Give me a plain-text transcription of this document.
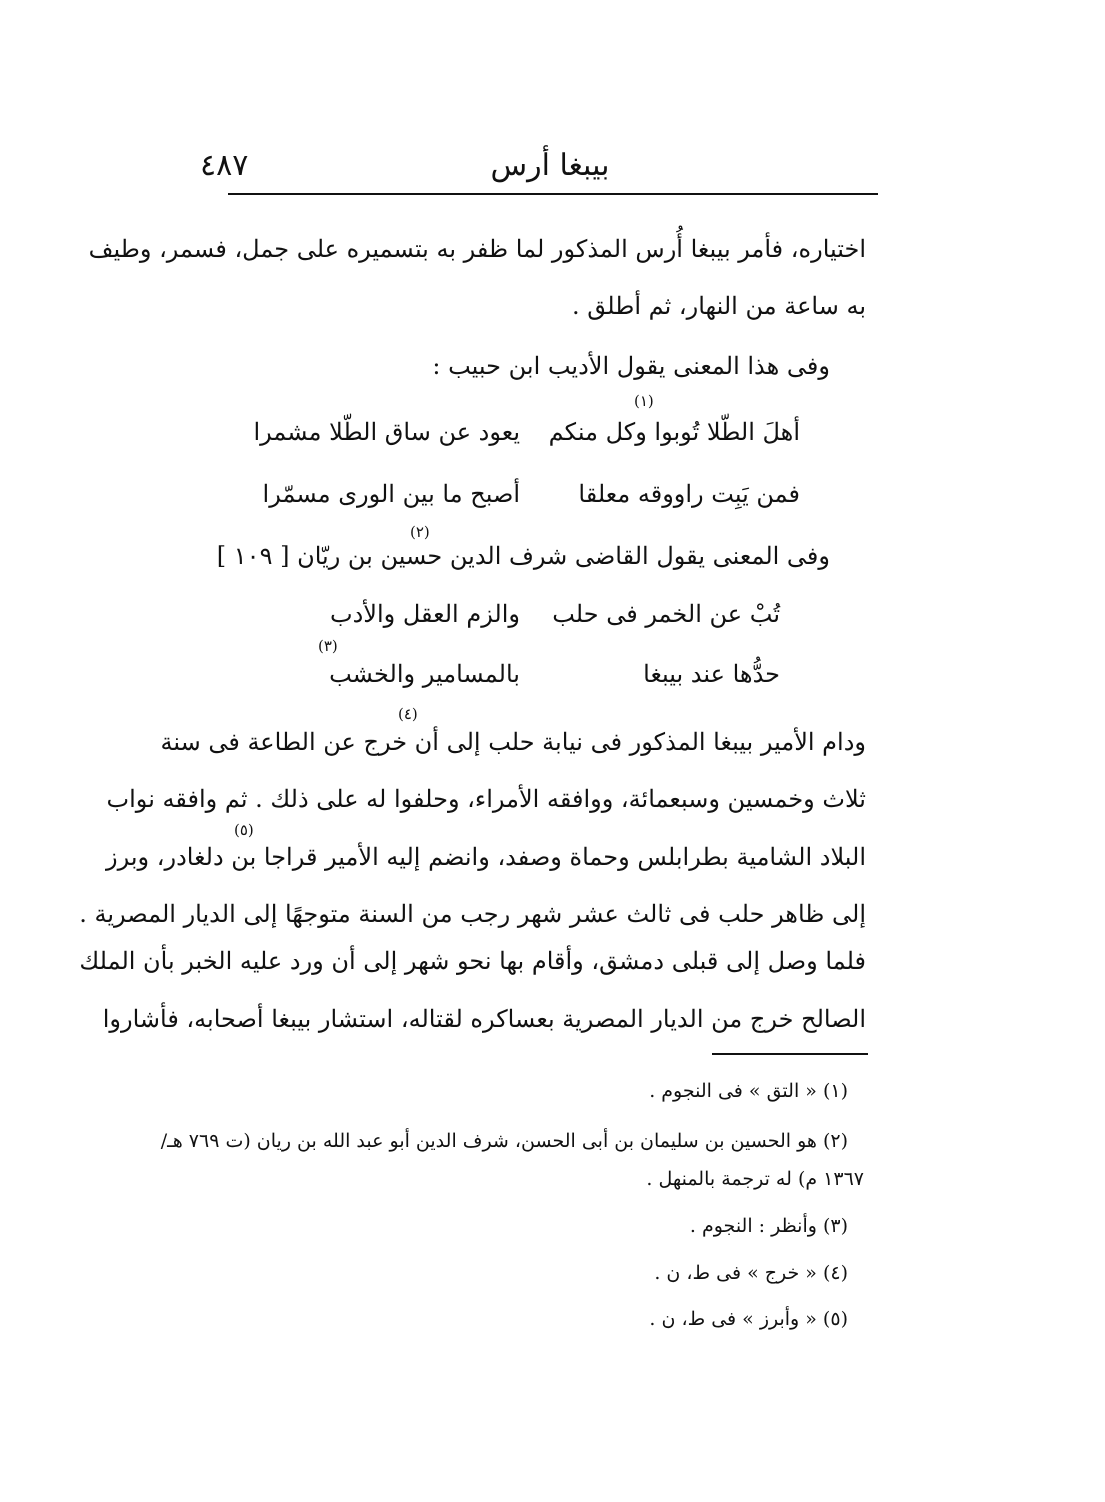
بيبغا أرس
٤٨٧
اختياره، فأمر بيبغا أُرس المذكور لما ظفر به بتسميره على جمل، فسمر، وطيف
به ساعة من النهار، ثم أطلق .
وفى هذا المعنى يقول الأديب ابن حبيب :
(١)
أهلَ الطّلا تُوبوا وكل منكم
يعود عن ساق الطّلا مشمرا
فمن يَبِت راووقه معلقا
أصبح ما بين الورى مسمّرا
(٢)
وفى المعنى يقول القاضى شرف الدين حسين بن ريّان [ ١٠٩ ]
تُبْ عن الخمر فى حلب
والزم العقل والأدب
(٣)
حدُّها عند بيبغا
بالمسامير والخشب
(٤)
ودام الأمير بيبغا المذكور فى نيابة حلب إلى أن خرج عن الطاعة فى سنة
ثلاث وخمسين وسبعمائة، ووافقه الأمراء، وحلفوا له على ذلك . ثم وافقه نواب
(٥)
البلاد الشامية بطرابلس وحماة وصفد، وانضم إليه الأمير قراجا بن دلغادر، وبرز
إلى ظاهر حلب فى ثالث عشر شهر رجب من السنة متوجهًا إلى الديار المصرية .
فلما وصل إلى قبلى دمشق، وأقام بها نحو شهر إلى أن ورد عليه الخبر بأن الملك
الصالح خرج من الديار المصرية بعساكره لقتاله، استشار بيبغا أصحابه، فأشاروا
(١) « التق » فى النجوم .
(٢) هو الحسين بن سليمان بن أبى الحسن، شرف الدين أبو عبد الله بن ريان (ت ٧٦٩ هـ/
١٣٦٧ م) له ترجمة بالمنهل .
(٣) وأنظر : النجوم .
(٤) « خرج » فى ط، ن .
(٥) « وأبرز » فى ط، ن .
